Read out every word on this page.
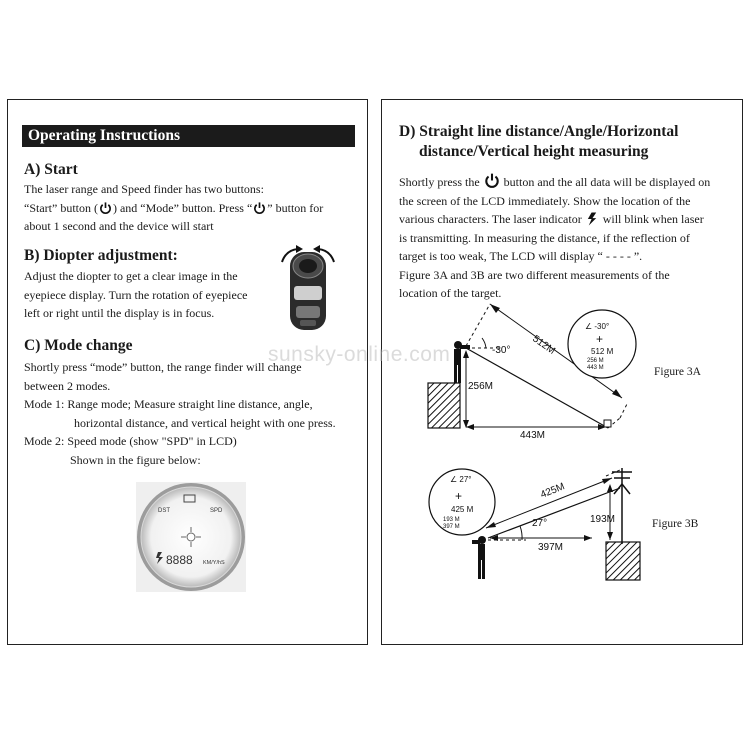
Operating Instructions
A) Start
The laser range and Speed finder has two buttons:
“Start” button ( ) and “Mode” button. Press “ ” button for
about 1 second and the device will start
B) Diopter adjustment:
Adjust the diopter to get a clear image in the
eyepiece display. Turn the rotation of eyepiece
left or right until the display is in focus.
C) Mode change
Shortly press “mode” button, the range finder will change
between 2 modes.
Mode 1: Range mode; Measure straight line distance, angle,
horizontal distance, and vertical height with one press.
Mode 2: Speed mode (show "SPD" in LCD)
Shown in the figure below:
DST	SPD
8888 KM/Y/hS
D) Straight line distance/Angle/Horizontal
distance/Vertical height measuring
Shortly press the button and the all data will be displayed on
the screen of the LCD immediately. Show the location of the
various characters. The laser indicator will blink when laser
is transmitting. In measuring the distance, if the reflection of
target is too weak, The LCD will display “ - - - - ”.
Figure 3A and 3B are two different measurements of the
location of the target.
512M
-30°
256M
443M
∠ -30°
+
512 M
256 M
443 M	Figure 3A
∠ 27°
+
425 M
193 M
397 M
425M
27°
397M
193M	Figure 3B
sunsky-online.com
